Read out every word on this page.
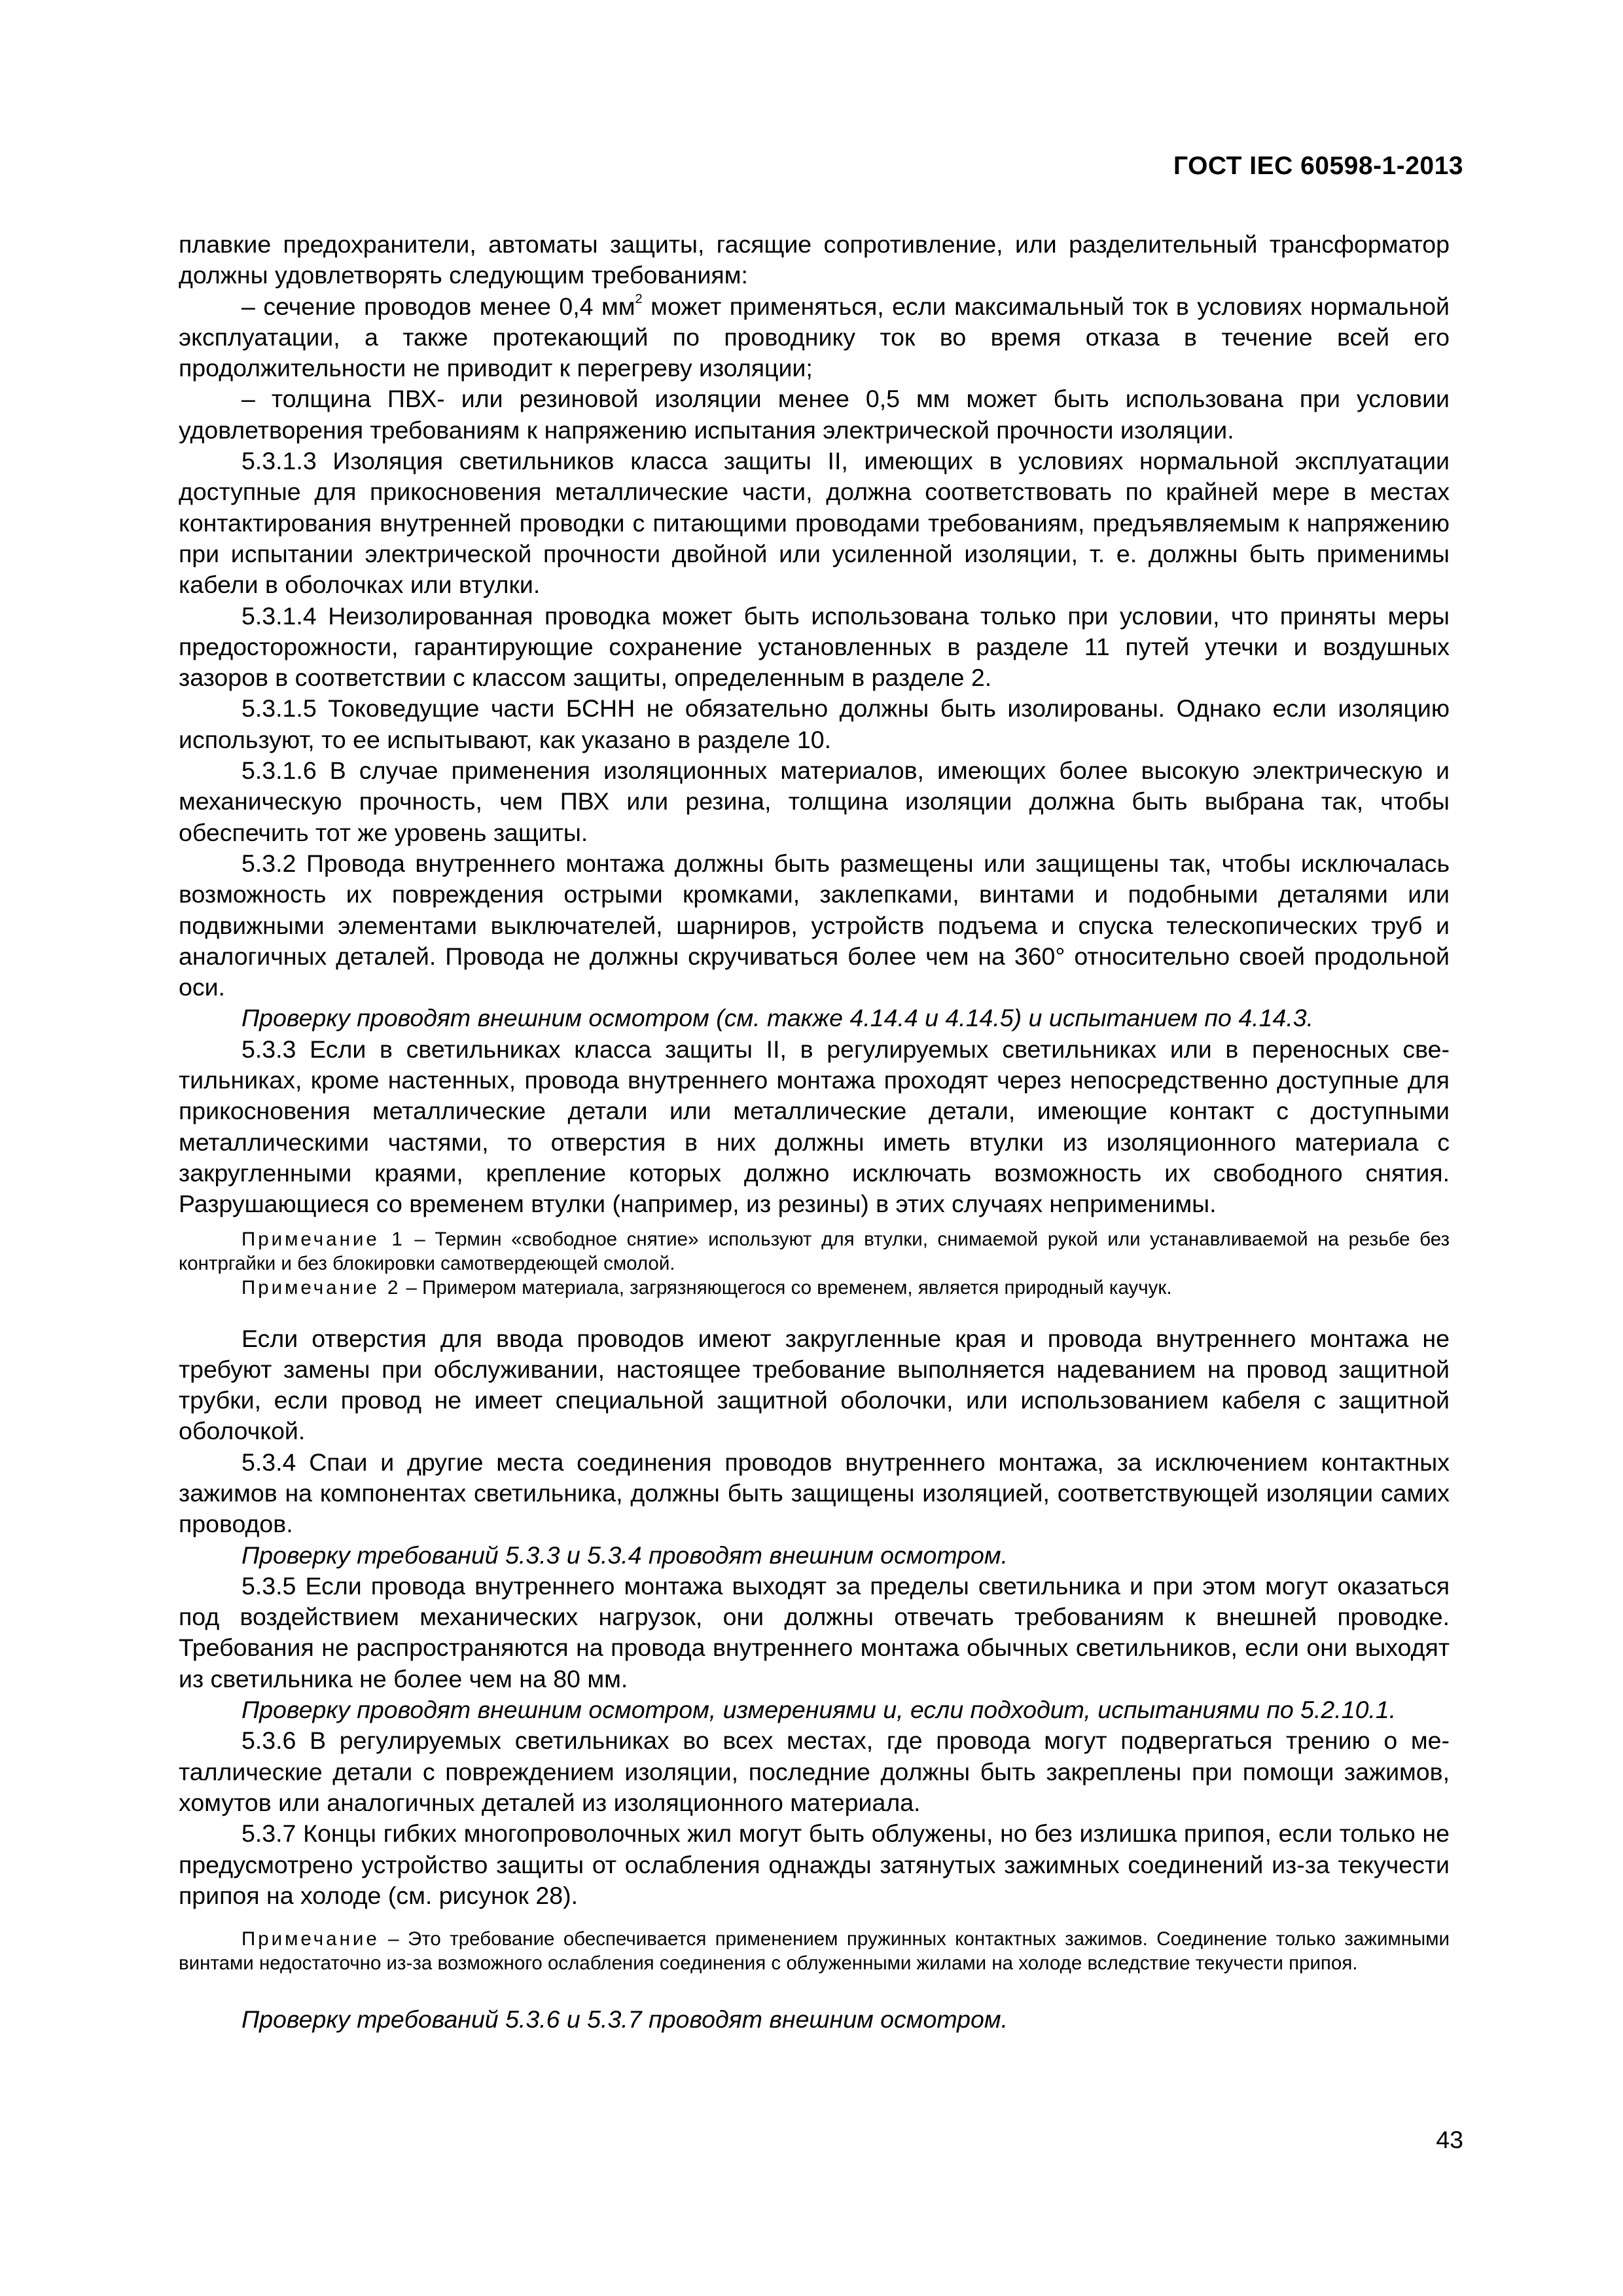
ГОСТ IEC 60598-1-2013

плавкие предохранители, автоматы защиты, гасящие сопротивление, или разделительный трансформатор должны удовлетворять следующим требованиям:

– сечение проводов менее 0,4 $мм^2$ может применяться, если максимальный ток в условиях нормальной эксплуатации, а также протекающий по проводнику ток во время отказа в течение всей его продолжительности не приводит к перегреву изоляции;

– толщина ПВХ- или резиновой изоляции менее 0,5 мм может быть использована при условии удовлетворения требованиям к напряжению испытания электрической прочности изоляции.

5.3.1.3 Изоляция светильников класса защиты II, имеющих в условиях нормальной эксплуатации доступные для прикосновения металлические части, должна соответствовать по крайней мере в местах контактирования внутренней проводки с питающими проводами требованиям, предъявляемым к напряжению при испытании электрической прочности двойной или усиленной изоляции, т. е. должны быть применимы кабели в оболочках или втулки.

5.3.1.4 Неизолированная проводка может быть использована только при условии, что приняты меры предосторожности, гарантирующие сохранение установленных в разделе 11 путей утечки и воздушных зазоров в соответствии с классом защиты, определенным в разделе 2.

5.3.1.5 Токоведущие части БСНН не обязательно должны быть изолированы. Однако если изоляцию используют, то ее испытывают, как указано в разделе 10.

5.3.1.6 В случае применения изоляционных материалов, имеющих более высокую электрическую и механическую прочность, чем ПВХ или резина, толщина изоляции должна быть выбрана так, чтобы обеспечить тот же уровень защиты.

5.3.2 Провода внутреннего монтажа должны быть размещены или защищены так, чтобы исключалась возможность их повреждения острыми кромками, заклепками, винтами и подобными деталями или подвижными элементами выключателей, шарниров, устройств подъема и спуска телескопических труб и аналогичных деталей. Провода не должны скручиваться более чем на 360° относительно своей продольной оси.

Проверку проводят внешним осмотром (см. также 4.14.4 и 4.14.5) и испытанием по 4.14.3.

5.3.3 Если в светильниках класса защиты II, в регулируемых светильниках или в переносных светильниках, кроме настенных, провода внутреннего монтажа проходят через непосредственно доступные для прикосновения металлические детали или металлические детали, имеющие контакт с доступными металлическими частями, то отверстия в них должны иметь втулки из изоляционного материала с закругленными краями, крепление которых должно исключать возможность их свободного снятия. Разрушающиеся со временем втулки (например, из резины) в этих случаях неприменимы.

Примечание 1 – Термин «свободное снятие» используют для втулки, снимаемой рукой или устанавливаемой на резьбе без контргайки и без блокировки самотвердеющей смолой.

Примечание 2 – Примером материала, загрязняющегося со временем, является природный каучук.

Если отверстия для ввода проводов имеют закругленные края и провода внутреннего монтажа не требуют замены при обслуживании, настоящее требование выполняется надеванием на провод защитной трубки, если провод не имеет специальной защитной оболочки, или использованием кабеля с защитной оболочкой.

5.3.4 Спаи и другие места соединения проводов внутреннего монтажа, за исключением контактных зажимов на компонентах светильника, должны быть защищены изоляцией, соответствующей изоляции самих проводов.

Проверку требований 5.3.3 и 5.3.4 проводят внешним осмотром.

5.3.5 Если провода внутреннего монтажа выходят за пределы светильника и при этом могут оказаться под воздействием механических нагрузок, они должны отвечать требованиям к внешней проводке. Требования не распространяются на провода внутреннего монтажа обычных светильников, если они выходят из светильника не более чем на 80 мм.

Проверку проводят внешним осмотром, измерениями и, если подходит, испытаниями по 5.2.10.1.

5.3.6 В регулируемых светильниках во всех местах, где провода могут подвергаться трению о металлические детали с повреждением изоляции, последние должны быть закреплены при помощи зажимов, хомутов или аналогичных деталей из изоляционного материала.

5.3.7 Концы гибких многопроволочных жил могут быть облужены, но без излишка припоя, если только не предусмотрено устройство защиты от ослабления однажды затянутых зажимных соединений из-за текучести припоя на холоде (см. рисунок 28).

Примечание – Это требование обеспечивается применением пружинных контактных зажимов. Соединение только зажимными винтами недостаточно из-за возможного ослабления соединения с облуженными жилами на холоде вследствие текучести припоя.

Проверку требований 5.3.6 и 5.3.7 проводят внешним осмотром.

43
